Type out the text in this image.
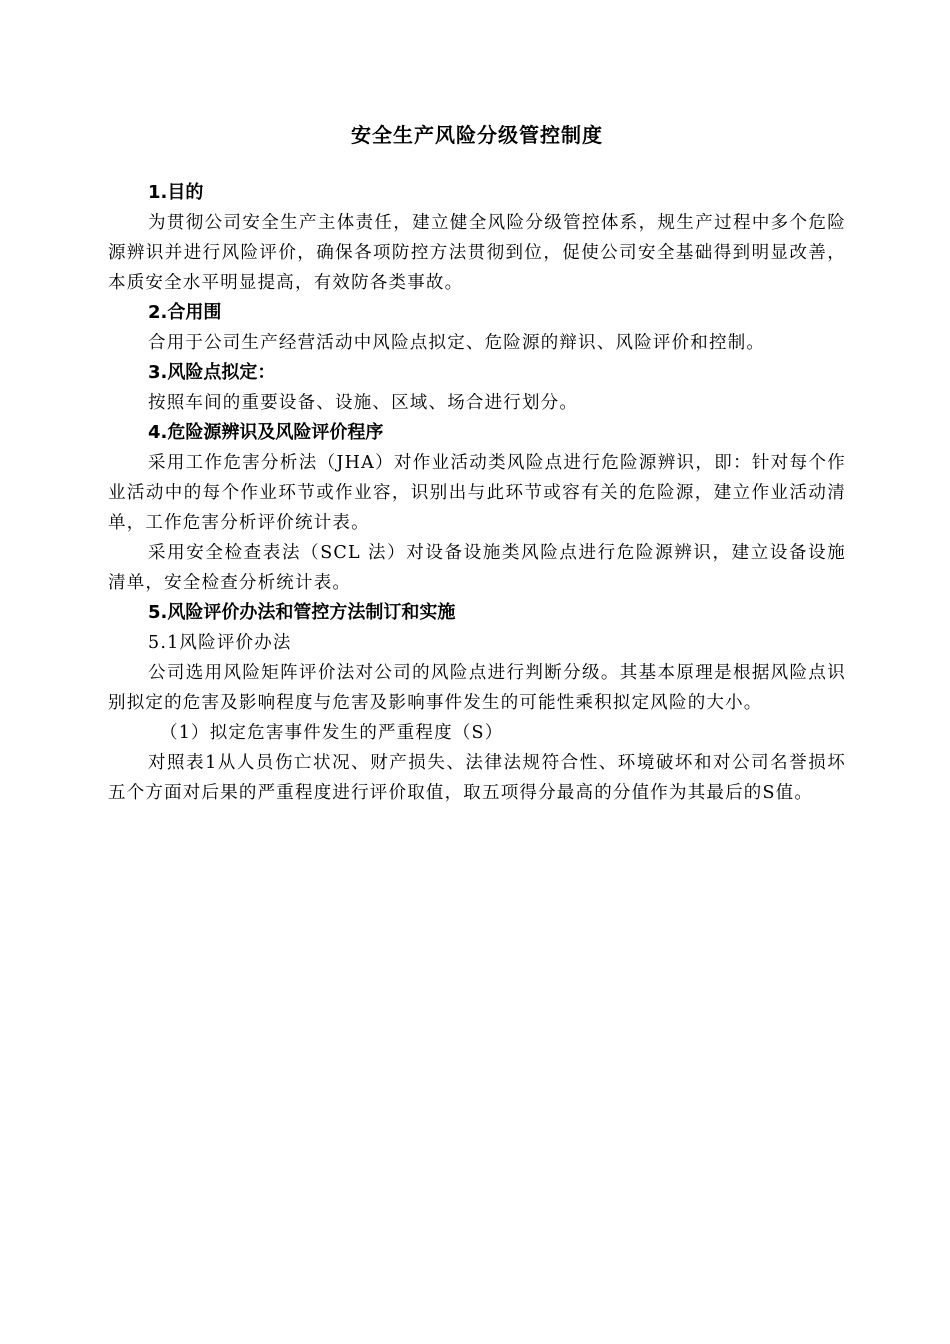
安全生产风险分级管控制度

1.目的

为贯彻公司安全生产主体责任，建立健全风险分级管控体系，规生产过程中多个危险源辨识并进行风险评价，确保各项防控方法贯彻到位，促使公司安全基础得到明显改善，本质安全水平明显提高，有效防各类事故。

2.合用围

合用于公司生产经营活动中风险点拟定、危险源的辩识、风险评价和控制。

3.风险点拟定：

按照车间的重要设备、设施、区域、场合进行划分。

4.危险源辨识及风险评价程序

采用工作危害分析法（JHA）对作业活动类风险点进行危险源辨识，即：针对每个作业活动中的每个作业环节或作业容，识别出与此环节或容有关的危险源，建立作业活动清单，工作危害分析评价统计表。

采用安全检查表法（SCL 法）对设备设施类风险点进行危险源辨识，建立设备设施清单，安全检查分析统计表。

5.风险评价办法和管控方法制订和实施

5.1风险评价办法

公司选用风险矩阵评价法对公司的风险点进行判断分级。其基本原理是根据风险点识别拟定的危害及影响程度与危害及影响事件发生的可能性乘积拟定风险的大小。

（1）拟定危害事件发生的严重程度（S）

对照表1从人员伤亡状况、财产损失、法律法规符合性、环境破坏和对公司名誉损坏五个方面对后果的严重程度进行评价取值，取五项得分最高的分值作为其最后的S值。
